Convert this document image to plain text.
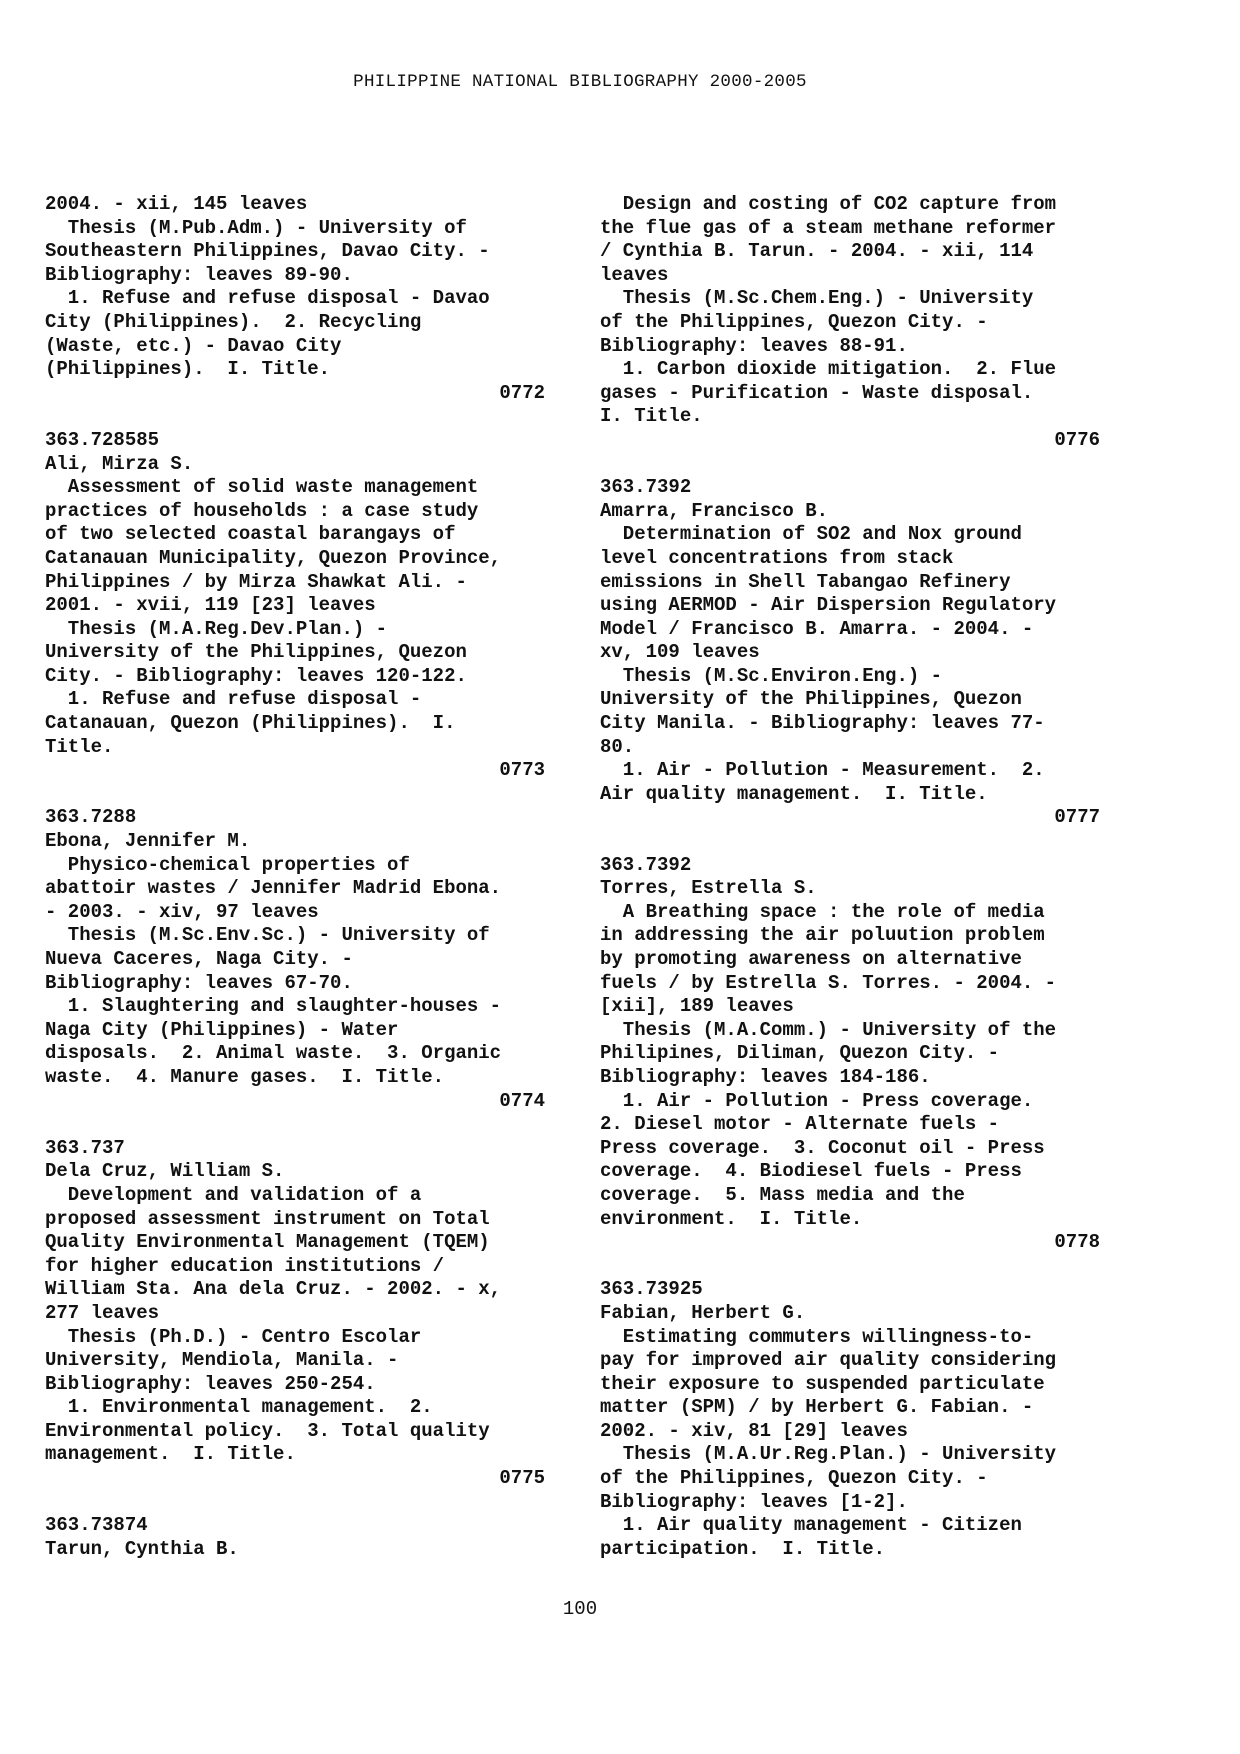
PHILIPPINE NATIONAL BIBLIOGRAPHY 2000-2005
2004. - xii, 145 leaves
Thesis (M.Pub.Adm.) - University of
Southeastern Philippines, Davao City. -
Bibliography: leaves 89-90.
1. Refuse and refuse disposal - Davao
City (Philippines).  2. Recycling
(Waste, etc.) - Davao City
(Philippines).  I. Title.
0772
363.728585
Ali, Mirza S.
Assessment of solid waste management
practices of households : a case study
of two selected coastal barangays of
Catanauan Municipality, Quezon Province,
Philippines / by Mirza Shawkat Ali. -
2001. - xvii, 119 [23] leaves
Thesis (M.A.Reg.Dev.Plan.) -
University of the Philippines, Quezon
City. - Bibliography: leaves 120-122.
1. Refuse and refuse disposal -
Catanauan, Quezon (Philippines).  I.
Title.
0773
363.7288
Ebona, Jennifer M.
Physico-chemical properties of
abattoir wastes / Jennifer Madrid Ebona.
- 2003. - xiv, 97 leaves
Thesis (M.Sc.Env.Sc.) - University of
Nueva Caceres, Naga City. -
Bibliography: leaves 67-70.
1. Slaughtering and slaughter-houses -
Naga City (Philippines) - Water
disposals.  2. Animal waste.  3. Organic
waste.  4. Manure gases.  I. Title.
0774
363.737
Dela Cruz, William S.
Development and validation of a
proposed assessment instrument on Total
Quality Environmental Management (TQEM)
for higher education institutions /
William Sta. Ana dela Cruz. - 2002. - x,
277 leaves
Thesis (Ph.D.) - Centro Escolar
University, Mendiola, Manila. -
Bibliography: leaves 250-254.
1. Environmental management.  2.
Environmental policy.  3. Total quality
management.  I. Title.
0775
363.73874
Tarun, Cynthia B.
Design and costing of CO2 capture from
the flue gas of a steam methane reformer
/ Cynthia B. Tarun. - 2004. - xii, 114
leaves
Thesis (M.Sc.Chem.Eng.) - University
of the Philippines, Quezon City. -
Bibliography: leaves 88-91.
1. Carbon dioxide mitigation.  2. Flue
gases - Purification - Waste disposal.
I. Title.
0776
363.7392
Amarra, Francisco B.
Determination of SO2 and Nox ground
level concentrations from stack
emissions in Shell Tabangao Refinery
using AERMOD - Air Dispersion Regulatory
Model / Francisco B. Amarra. - 2004. -
xv, 109 leaves
Thesis (M.Sc.Environ.Eng.) -
University of the Philippines, Quezon
City Manila. - Bibliography: leaves 77-
80.
1. Air - Pollution - Measurement.  2.
Air quality management.  I. Title.
0777
363.7392
Torres, Estrella S.
A Breathing space : the role of media
in addressing the air poluution problem
by promoting awareness on alternative
fuels / by Estrella S. Torres. - 2004. -
[xii], 189 leaves
Thesis (M.A.Comm.) - University of the
Philipines, Diliman, Quezon City. -
Bibliography: leaves 184-186.
1. Air - Pollution - Press coverage.
2. Diesel motor - Alternate fuels -
Press coverage.  3. Coconut oil - Press
coverage.  4. Biodiesel fuels - Press
coverage.  5. Mass media and the
environment.  I. Title.
0778
363.73925
Fabian, Herbert G.
Estimating commuters willingness-to-
pay for improved air quality considering
their exposure to suspended particulate
matter (SPM) / by Herbert G. Fabian. -
2002. - xiv, 81 [29] leaves
Thesis (M.A.Ur.Reg.Plan.) - University
of the Philippines, Quezon City. -
Bibliography: leaves [1-2].
1. Air quality management - Citizen
participation.  I. Title.
100
